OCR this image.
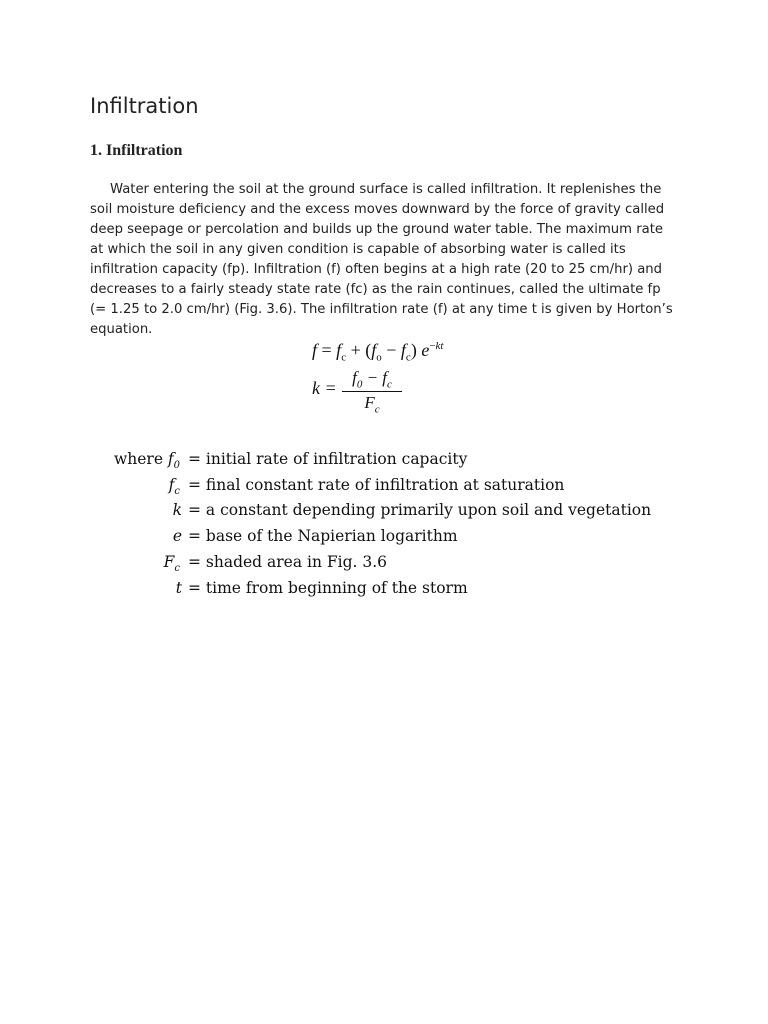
Infiltration
1. Infiltration

Water entering the soil at the ground surface is called infiltration. It replenishes the soil moisture deficiency and the excess moves downward by the force of gravity called deep seepage or percolation and builds up the ground water table. The maximum rate at which the soil in any given condition is capable of absorbing water is called its infiltration capacity (fp). Infiltration (f) often begins at a high rate (20 to 25 cm/hr) and decreases to a fairly steady state rate (fc) as the rain continues, called the ultimate fp (= 1.25 to 2.0 cm/hr) (Fig. 3.6). The infiltration rate (f) at any time t is given by Horton’s equation.

$f = f_c + (f_o - f_c)$ $e^{-kt}$
k =
$f_0 - f_c$
$F_c$
where $f_0$ = initial rate of infiltration capacity
$f_c$ = final constant rate of infiltration at saturation
k = a constant depending primarily upon soil and vegetation
e = base of the Napierian logarithm
$F_c$ = shaded area in Fig. 3.6
t = time from beginning of the storm
